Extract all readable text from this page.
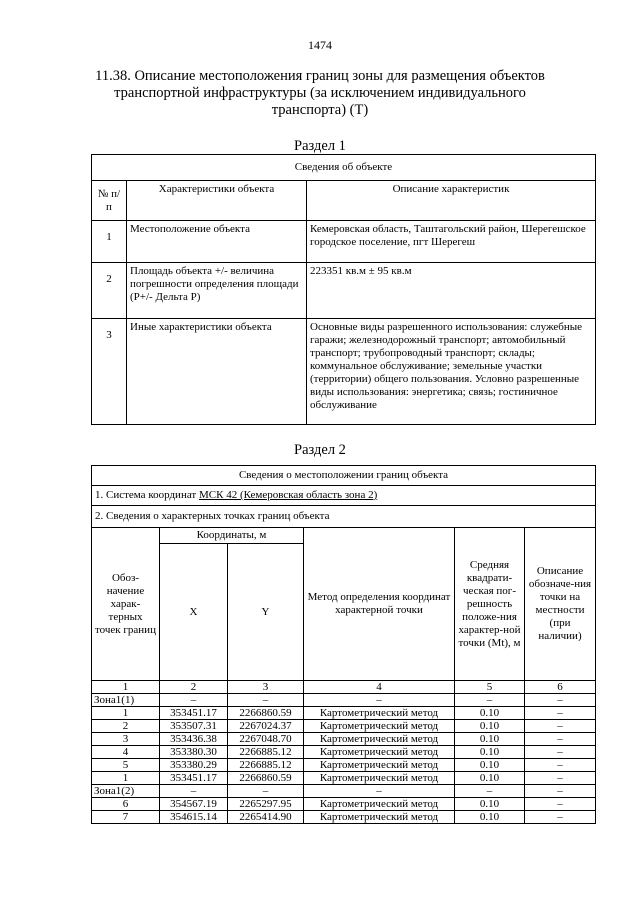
1474
11.38. Описание местоположения границ зоны для размещения объектов транспортной инфраструктуры (за исключением индивидуального транспорта) (Т)
Раздел 1
Сведения об объекте		
№ п/п	Характеристики объекта	Описание характеристик
1	Местоположение объекта	Кемеровская область, Таштагольский район, Шерегешское городское поселение, пгт Шерегеш
2	Площадь объекта +/- величина погрешности определения площади (Р+/- Дельта Р)	223351 кв.м ± 95 кв.м
3	Иные характеристики объекта	Основные виды разрешенного использования: служебные гаражи; железнодорожный транспорт; автомобильный транспорт; трубопроводный транспорт; склады; коммунальное обслуживание; земельные участки (территории) общего пользования. Условно разрешенные виды использования: энергетика; связь; гостиничное обслуживание
Раздел 2
Сведения о местоположении границ объекта					
1. Система координат МСК 42 (Кемеровская область зона 2)					
2. Сведения о характерных точках границ объекта					
Обоз-начение харак-терных точек границ	Координаты, м		Метод определения координат характерной точки	Средняя квадрати-ческая пог-решность положе-ния характер-ной точки (Мt), м	Описание обозначе-ния точки на местности (при наличии)
	X	Y			
1	2	3	4	5	6
Зона1(1)	–	–	–	–	–
1	353451.17	2266860.59	Картометрический метод	0.10	–
2	353507.31	2267024.37	Картометрический метод	0.10	–
3	353436.38	2267048.70	Картометрический метод	0.10	–
4	353380.30	2266885.12	Картометрический метод	0.10	–
5	353380.29	2266885.12	Картометрический метод	0.10	–
1	353451.17	2266860.59	Картометрический метод	0.10	–
Зона1(2)	–	–	–	–	–
6	354567.19	2265297.95	Картометрический метод	0.10	–
7	354615.14	2265414.90	Картометрический метод	0.10	–
